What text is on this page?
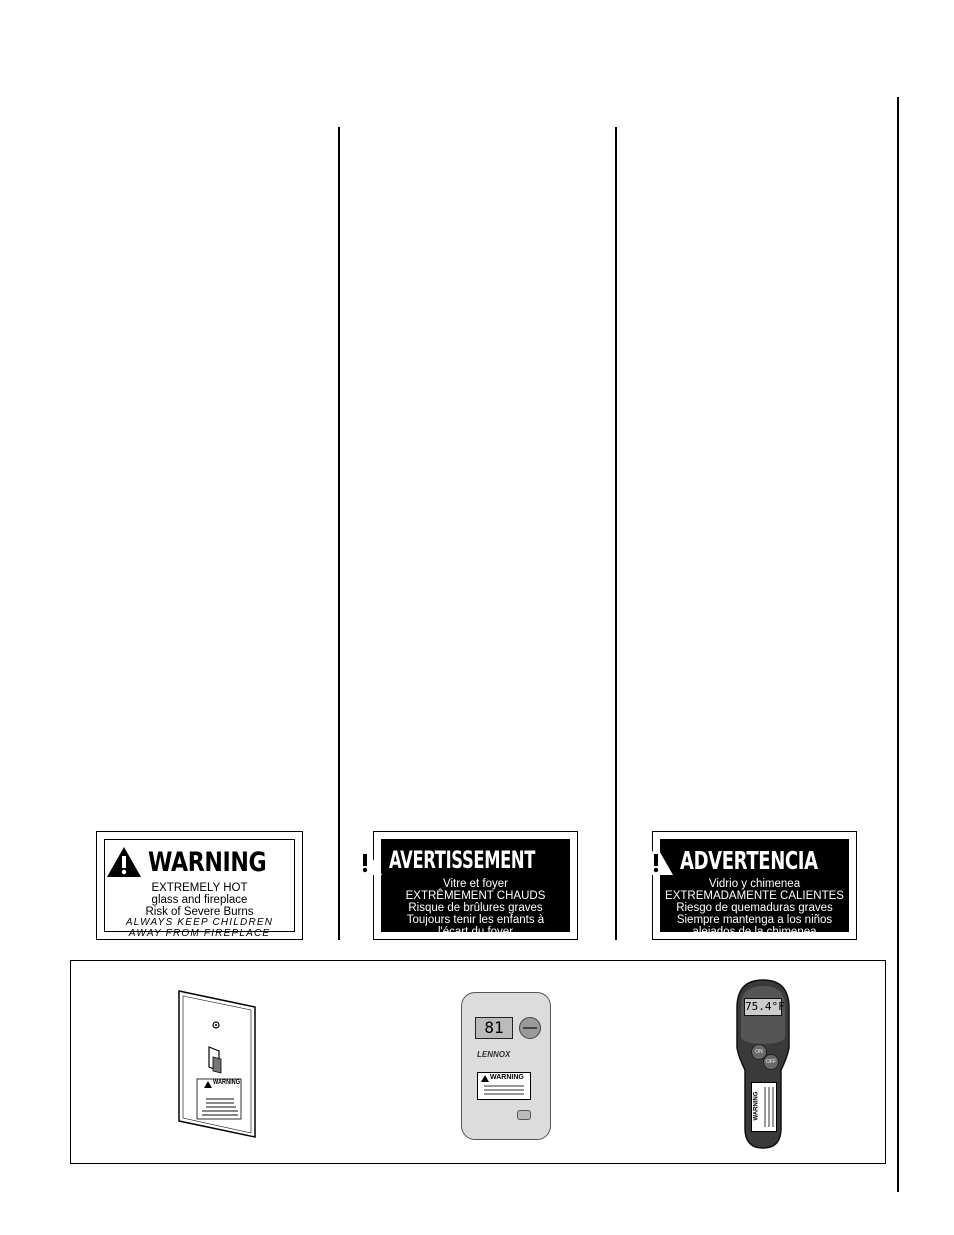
WARNING
EXTREMELY HOT
glass and fireplace
Risk of Severe Burns
ALWAYS KEEP CHILDREN
AWAY FROM FIREPLACE
AVERTISSEMENT
Vitre et foyer
EXTRÊMEMENT CHAUDS
Risque de brûlures graves
Toujours tenir les enfants à
l'écart du foyer
ADVERTENCIA
Vidrio y chimenea
EXTREMADAMENTE CALIENTES
Riesgo de quemaduras graves
Siempre mantenga a los niños
alejados de la chimenea
WARNING
81
LENNOX
WARNING
75.4°F
ON
OFF
WARNING
